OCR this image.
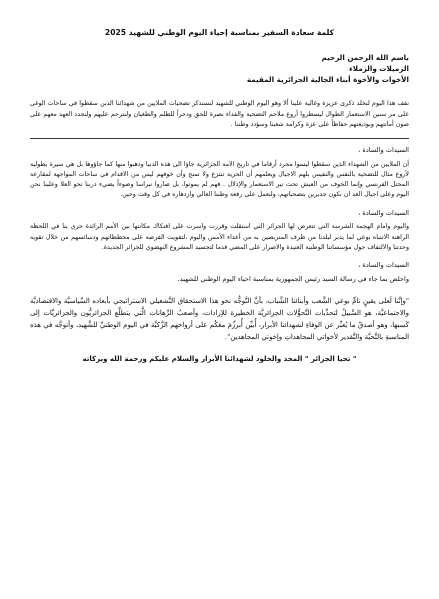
كلمة سعادة السفير بمناسبة إحياء اليوم الوطني للشهيد 2025

باسم الله الرحمن الرحيم

الزميلات والزملاء

الأخوات والأخوة أبناء الجالية الجزائرية المقيمة

نقف هذا اليوم لنخلد ذكرى عزيزة وغالية علينا ألا وهو اليوم الوطني للشهيد لنستذكر تضحيات الملايين من شهدائنا الذين سقطوا في ساحات الوغى على مر سنين الاستعمار الطوال ليسطروا أروع ملاحم التضحية والفداء نصرة للحق ودحراً للظلم والطغيان ولنترحم عليهم ولنجدد العهد معهم على صون أمانتهم وبوديعتهم حفاظاً على عزة وكرامة شعبنا وسؤدد وطننا .

السيدات والسادة ،

أن الملايين من الشهداء الذين سقطوا ليسوا مجرد أرقاما في تاريخ الامة الجزائرية جاؤا الى هذه الدنيا وذهبوا منها كما جاؤوها بل هي سيرة بطولية لأروع مثال للتضحية بالنفس والنفيس بلهم الاجيال ويعلمهم أن الحرية تنتزع ولا تمنح وأن خوفهم ليس من الاقدام في ساحات المواجهة لمقارعة المحتل الفرنسي وإنما الخوف من العيش تحت نير الاستعمار والإذلال . فهم لم يموتوا، بل صاروا نبراسا وضوءاً يضيء دربنا نحو العلا وعلينا نحن اليوم وعلى اجيال الغد ان نكون جديرين بتضحياتهم، ولنعمل على رفعة وطننا الغالي وازدهاره في كل وقت وحين.

السيدات والسادة ،

واليوم وامام الهجمة الشرسة التي تتعرض لها الجزائر التي استقلت وقررت واسرت على افتكاك مكانتها بين الأمم الرائدة حري بنا في اللحظة الراهنة الانتباه بوعي لما يدبر لبلدنا من طرف المتربصين به من أعداء الأمس واليوم ،لتفويت الفرصة على مخططاتهم ودسائسهم من خلال تقوية وحدتنا والالتفاف حول مؤسساتنا الوطنية العتيدة والاصرار على المضي قدما لتجسيد المشروع النهضوي للجزائر الجديدة.

السيدات والسادة ،

واخلص بما جاء في رسالة السيد رئيس الجمهورية بمناسبة احياء اليوم الوطني للشهيد.

"وإنَّنا لَعلى يقينٍ تامٍّ بوعي الشَّعب وأبنائنا الشَّباب، بأنَّ التَّوجُّه نحو هذا الاستحقاق التَّشغيلي الاستراتيجي بأبعاده السِّياسيَّة والاقتصاديَّة والاجتماعيَّة، هو السَّبيلُ لتحدِّيات التَّحوُّلات الجزائريَّة الخطيرة للإرادات، وأصعبُ الرِّهانات الَّتي يتطلَّع الجزائريُّون والجزائريَّات إلى كَسبها، وهو أصدقُ ما يُعبِّر عن الوفاءِ لشهدائنا الأبرار، أُبيِّن أُبرزِّمَ معَكُم على أرواحهم الزَّكيَّة في اليوم الوطنيِّ للشَّهيد، وأتوجَّه في هذه المناسبةِ بالتَّحيَّة والتَّقدير لأخواتي المجاهداتِ وإخوتي المجاهدين".

" تحيا الجزائر " المجد والخلود لشهدائنا الأبرار والسلام عليكم ورحمة الله وبركاته
